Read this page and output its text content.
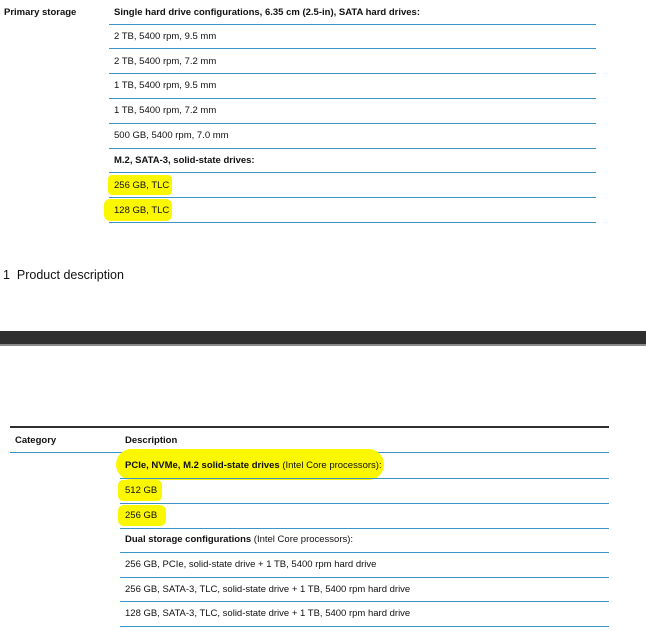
Primary storage	Single hard drive configurations, 6.35 cm (2.5-in), SATA hard drives:
2 TB, 5400 rpm, 9.5 mm
2 TB, 5400 rpm, 7.2 mm
1 TB, 5400 rpm, 9.5 mm
1 TB, 5400 rpm, 7.2 mm
500 GB, 5400 rpm, 7.0 mm
M.2, SATA-3, solid-state drives:
256 GB, TLC
128 GB, TLC
1  Product description
Category	Description
PCIe, NVMe, M.2 solid-state drives (Intel Core processors):
512 GB
256 GB
Dual storage configurations (Intel Core processors):
256 GB, PCIe, solid-state drive + 1 TB, 5400 rpm hard drive
256 GB, SATA-3, TLC, solid-state drive + 1 TB, 5400 rpm hard drive
128 GB, SATA-3, TLC, solid-state drive + 1 TB, 5400 rpm hard drive
